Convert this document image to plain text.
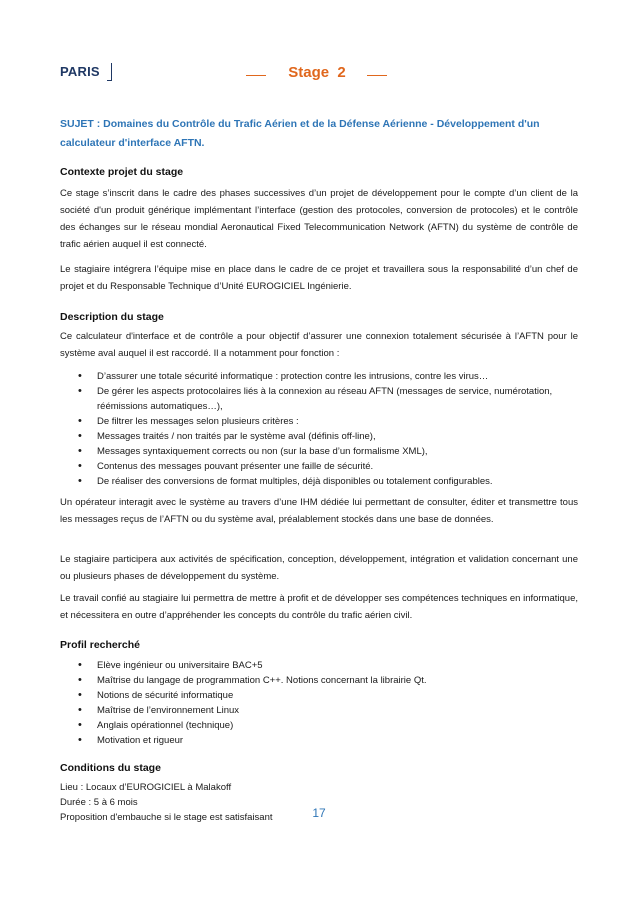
PARIS	Stage  2
SUJET : Domaines du Contrôle du Trafic Aérien et de la Défense Aérienne - Développement d'un calculateur d'interface AFTN.
Contexte projet du stage
Ce stage s’inscrit dans le cadre des phases successives d’un projet de développement pour le compte d’un client de la société d'un produit générique implémentant l’interface (gestion des protocoles, conversion de protocoles) et le contrôle des échanges sur le réseau mondial Aeronautical Fixed Telecommunication Network (AFTN) du système de contrôle de trafic aérien auquel il est connecté.
Le stagiaire intégrera l’équipe mise en place dans le cadre de ce projet et travaillera sous la responsabilité d’un chef de projet et du Responsable Technique d’Unité EUROGICIEL Ingénierie.
Description du stage
Ce calculateur d'interface et de contrôle a pour objectif d’assurer une connexion totalement sécurisée à l’AFTN pour le système aval auquel il est raccordé. Il a notamment pour fonction :
• D’assurer une totale sécurité informatique : protection contre les intrusions, contre les virus…
• De gérer les aspects protocolaires liés à la connexion au réseau AFTN (messages de service, numérotation, réémissions automatiques…),
• De filtrer les messages selon plusieurs critères :
• Messages traités / non traités par le système aval (définis off-line),
• Messages syntaxiquement corrects ou non (sur la base d’un formalisme XML),
• Contenus des messages pouvant présenter une faille de sécurité.
• De réaliser des conversions de format multiples, déjà disponibles ou totalement configurables.
Un opérateur interagit avec le système au travers d’une IHM dédiée lui permettant de consulter, éditer et transmettre tous les messages reçus de l’AFTN ou du système aval, préalablement stockés dans une base de données.
Le stagiaire participera aux activités de spécification, conception, développement, intégration et validation concernant une ou plusieurs phases de développement du système.
Le travail confié au stagiaire lui permettra de mettre à profit et de développer ses compétences techniques en informatique, et nécessitera en outre d’appréhender les concepts du contrôle du trafic aérien civil.
Profil recherché
• Elève ingénieur ou universitaire BAC+5
• Maîtrise du langage de programmation C++. Notions concernant la librairie Qt.
• Notions de sécurité informatique
• Maîtrise de l’environnement Linux
• Anglais opérationnel (technique)
• Motivation et rigueur
Conditions du stage
Lieu : Locaux d’EUROGICIEL à Malakoff
Durée : 5 à 6 mois
Proposition d'embauche si le stage est satisfaisant	17
